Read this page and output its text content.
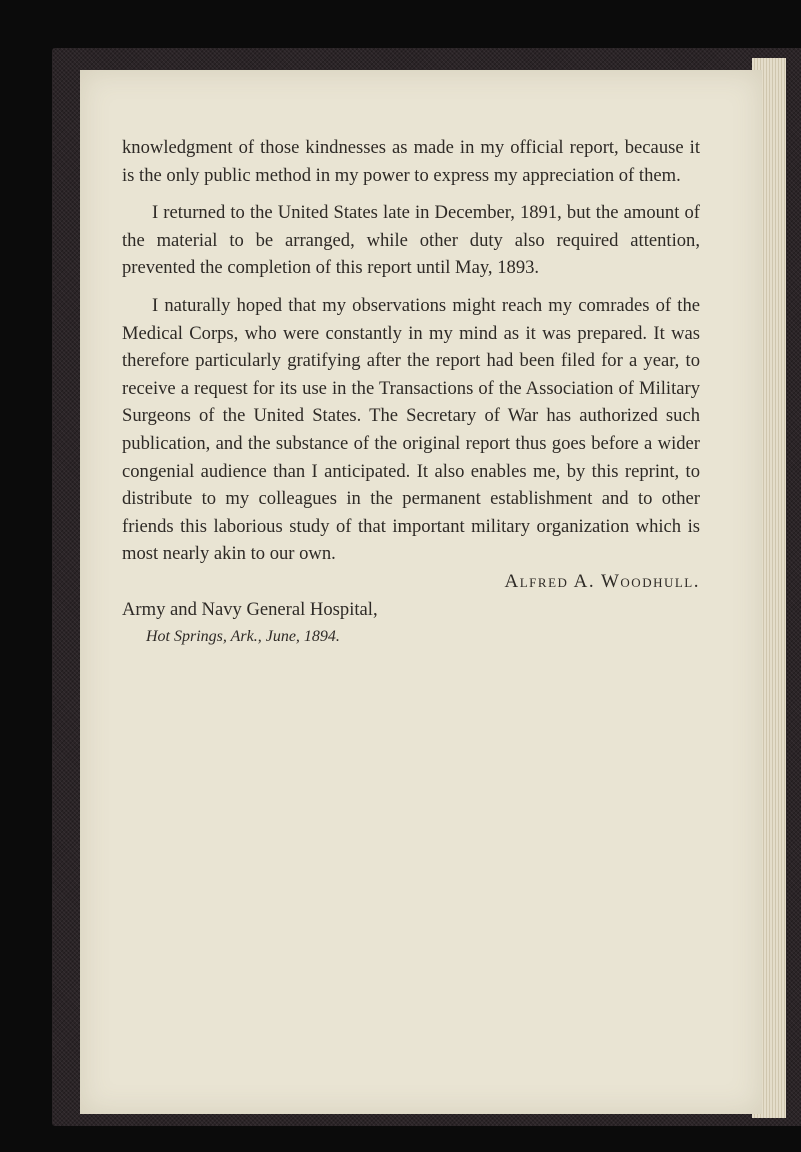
knowledgment of those kindnesses as made in my official report, because it is the only public method in my power to express my appreciation of them.

I returned to the United States late in December, 1891, but the amount of the material to be arranged, while other duty also required attention, prevented the completion of this report until May, 1893.

I naturally hoped that my observations might reach my comrades of the Medical Corps, who were constantly in my mind as it was prepared. It was therefore particularly gratifying after the report had been filed for a year, to receive a request for its use in the Transactions of the Association of Military Surgeons of the United States. The Secretary of War has authorized such publication, and the substance of the original report thus goes before a wider congenial audience than I anticipated. It also enables me, by this reprint, to distribute to my colleagues in the permanent establishment and to other friends this laborious study of that important military organization which is most nearly akin to our own.

Alfred A. Woodhull.

Army and Navy General Hospital,

Hot Springs, Ark., June, 1894.
